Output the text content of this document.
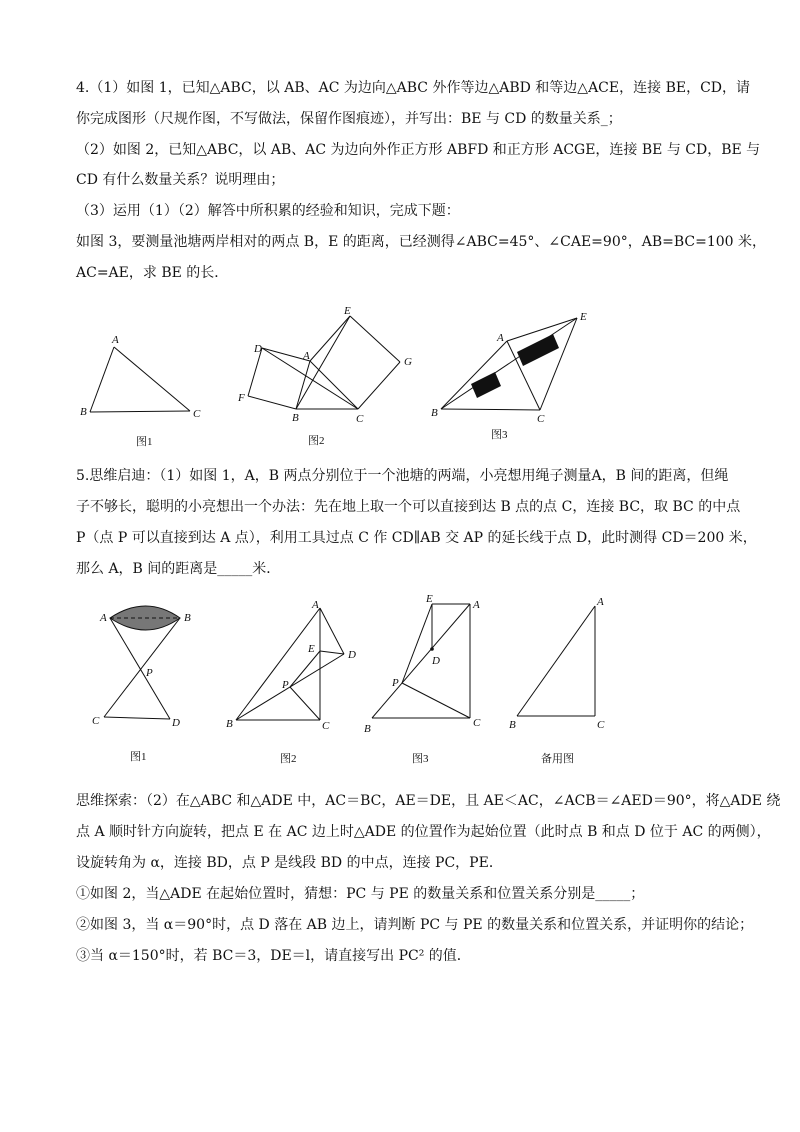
4.（1）如图 1，已知△ABC，以 AB、AC 为边向△ABC 外作等边△ABD 和等边△ACE，连接 BE，CD，请
你完成图形（尺规作图，不写做法，保留作图痕迹），并写出：BE 与 CD 的数量关系_；
（2）如图 2，已知△ABC，以 AB、AC 为边向外作正方形 ABFD 和正方形 ACGE，连接 BE 与 CD，BE 与
CD 有什么数量关系？说明理由；
（3）运用（1）（2）解答中所积累的经验和知识，完成下题：
如图 3，要测量池塘两岸相对的两点 B，E 的距离，已经测得∠ABC=45°、∠CAE=90°，AB=BC=100 米，
AC=AE，求 BE 的长．
A
B	C
图1
E
D
A	G
F
B	C
图2
A
E
B	C
图3
5.思维启迪：（1）如图 1，A，B 两点分别位于一个池塘的两端，小亮想用绳子测量A，B 间的距离，但绳
子不够长，聪明的小亮想出一个办法：先在地上取一个可以直接到达 B 点的点 C，连接 BC，取 BC 的中点
P（点 P 可以直接到达 A 点），利用工具过点 C 作 CD∥AB 交 AP 的延长线于点 D，此时测得 CD＝200 米，
那么 A，B 间的距离是_____米．
A	B
P
C	D
图1
A
E	D
P
B	C
图2
E	A
D
P
B	C
图3
A
B	C
备用图
思维探索：（2）在△ABC 和△ADE 中，AC＝BC，AE＝DE，且 AE＜AC，∠ACB＝∠AED＝90°，将△ADE 绕
点 A 顺时针方向旋转，把点 E 在 AC 边上时△ADE 的位置作为起始位置（此时点 B 和点 D 位于 AC 的两侧），
设旋转角为 α，连接 BD，点 P 是线段 BD 的中点，连接 PC，PE．
①如图 2，当△ADE 在起始位置时，猜想：PC 与 PE 的数量关系和位置关系分别是_____；
②如图 3，当 α＝90°时，点 D 落在 AB 边上，请判断 PC 与 PE 的数量关系和位置关系，并证明你的结论；
③当 α＝150°时，若 BC＝3，DE＝l，请直接写出 PC² 的值．
